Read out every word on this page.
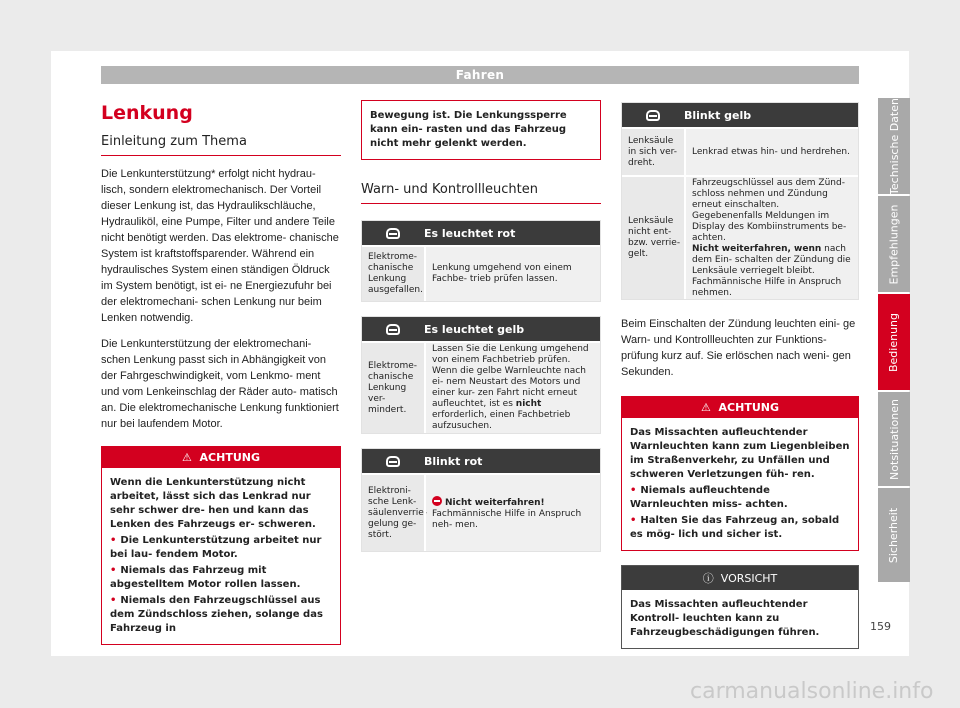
Fahren
Technische Daten
Empfehlungen
Bedienung
Notsituationen
Sicherheit
159
carmanualsonline.info
Lenkung
Einleitung zum Thema

Die Lenkunterstützung* erfolgt nicht hydrau- lisch, sondern elektromechanisch. Der Vorteil dieser Lenkung ist, das Hydraulikschläuche, Hydrauliköl, eine Pumpe, Filter und andere Teile nicht benötigt werden. Das elektrome- chanische System ist kraftstoffsparender. Während ein hydraulisches System einen ständigen Öldruck im System benötigt, ist ei- ne Energiezufuhr bei der elektromechani- schen Lenkung nur beim Lenken notwendig.

Die Lenkunterstützung der elektromechani- schen Lenkung passt sich in Abhängigkeit von der Fahrgeschwindigkeit, vom Lenkmo- ment und vom Lenkeinschlag der Räder auto- matisch an. Die elektromechanische Lenkung funktioniert nur bei laufendem Motor.

⚠ ACHTUNG
Wenn die Lenkunterstützung nicht arbeitet, lässt sich das Lenkrad nur sehr schwer dre- hen und kann das Lenken des Fahrzeugs er- schweren.
• Die Lenkunterstützung arbeitet nur bei lau- fendem Motor.
• Niemals das Fahrzeug mit abgestelltem Motor rollen lassen.
• Niemals den Fahrzeugschlüssel aus dem Zündschloss ziehen, solange das Fahrzeug in
Bewegung ist. Die Lenkungssperre kann ein- rasten und das Fahrzeug nicht mehr gelenkt werden.
Warn- und Kontrollleuchten
Es leuchtet rot
Elektrome- chanische Lenkung ausgefallen.
Lenkung umgehend von einem Fachbe- trieb prüfen lassen.
Es leuchtet gelb
Elektrome- chanische Lenkung ver- mindert.
Lassen Sie die Lenkung umgehend von einem Fachbetrieb prüfen.
Wenn die gelbe Warnleuchte nach ei- nem Neustart des Motors und einer kur- zen Fahrt nicht erneut aufleuchtet, ist es nicht erforderlich, einen Fachbetrieb aufzusuchen.
Blinkt rot
Elektroni- sche Lenk- säulenverrie- gelung ge- stört.
Nicht weiterfahren!
Fachmännische Hilfe in Anspruch neh- men.
Blinkt gelb
Lenksäule in sich ver- dreht.
Lenkrad etwas hin- und herdrehen.
Lenksäule nicht ent- bzw. verrie- gelt.
Fahrzeugschlüssel aus dem Zünd- schloss nehmen und Zündung erneut einschalten. Gegebenenfalls Meldungen im Display des Kombiinstruments be- achten.
Nicht weiterfahren, wenn nach dem Ein- schalten der Zündung die Lenksäule verriegelt bleibt. Fachmännische Hilfe in Anspruch nehmen.

Beim Einschalten der Zündung leuchten eini- ge Warn- und Kontrollleuchten zur Funktions- prüfung kurz auf. Sie erlöschen nach weni- gen Sekunden.

⚠ ACHTUNG
Das Missachten aufleuchtender Warnleuchten kann zum Liegenbleiben im Straßenverkehr, zu Unfällen und schweren Verletzungen füh- ren.
• Niemals aufleuchtende Warnleuchten miss- achten.
• Halten Sie das Fahrzeug an, sobald es mög- lich und sicher ist.
ⓘ VORSICHT
Das Missachten aufleuchtender Kontroll- leuchten kann zu Fahrzeugbeschädigungen führen.
